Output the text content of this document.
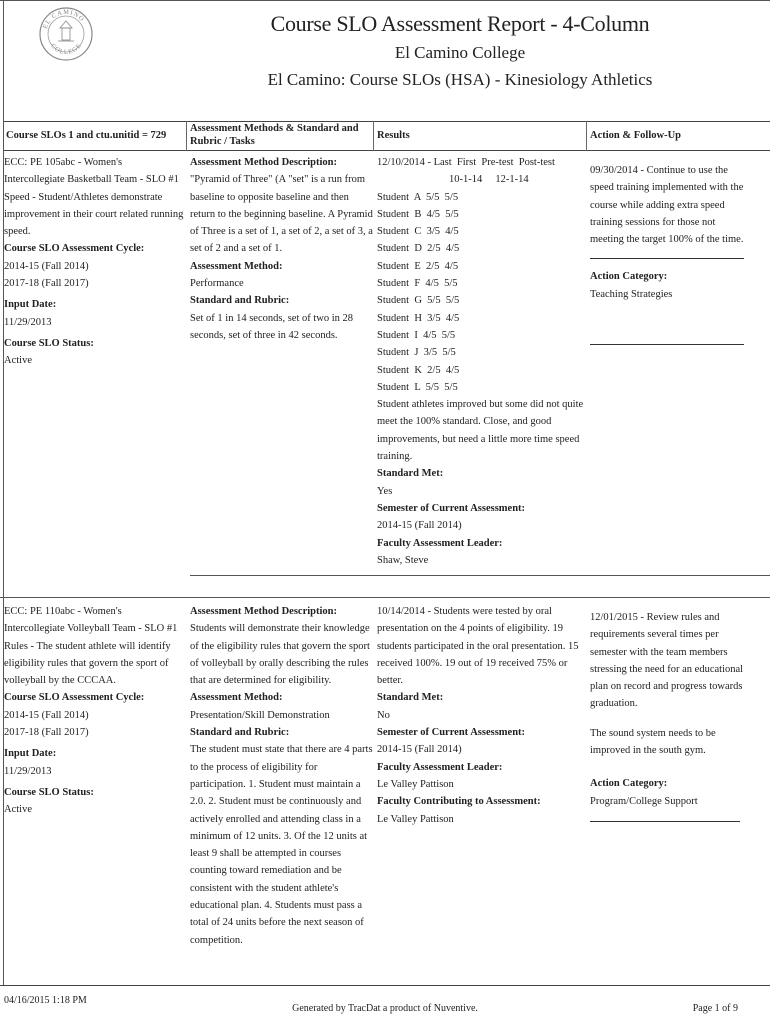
EL CAMINO
COLLEGE
Course SLO Assessment Report - 4-Column
El Camino College
El Camino: Course SLOs (HSA) - Kinesiology Athletics
Course SLOs 1 and ctu.unitid = 729
Assessment Methods & Standard and Rubric / Tasks
Results	Action & Follow-Up
ECC: PE 105abc - Women's Intercollegiate Basketball Team - SLO #1 Speed - Student/Athletes demonstrate improvement in their court related running speed.
Course SLO Assessment Cycle:
2014-15 (Fall 2014)
2017-18 (Fall 2017)
Input Date:
11/29/2013
Course SLO Status:
Active
Assessment Method Description:
"Pyramid of Three" (A "set" is a run from baseline to opposite baseline and then return to the beginning baseline. A Pyramid of Three is a set of 1, a set of 2, a set of 3, a set of 2 and a set of 1.
Assessment Method:
Performance
Standard and Rubric:
Set of 1 in 14 seconds, set of two in 28 seconds, set of three in 42 seconds.
12/10/2014 - Last  First  Pre-test  Post-test
10-1-14     12-1-14
Student  A  5/5  5/5
Student  B  4/5  5/5
Student  C  3/5  4/5
Student  D  2/5  4/5
Student  E  2/5  4/5
Student  F  4/5  5/5
Student  G  5/5  5/5
Student  H  3/5  4/5
Student  I  4/5  5/5
Student  J  3/5  5/5
Student  K  2/5  4/5
Student  L  5/5  5/5
Student athletes improved but some did not quite meet the 100% standard. Close, and good improvements, but need a little more time speed training.
Standard Met:
Yes
Semester of Current Assessment:
2014-15 (Fall 2014)
Faculty Assessment Leader:
Shaw, Steve
09/30/2014 - Continue to use the speed training implemented with the course while adding extra speed training sessions for those not meeting the target 100% of the time.
Action Category:
Teaching Strategies
ECC: PE 110abc - Women's Intercollegiate Volleyball Team - SLO #1 Rules - The student athlete will identify eligibility rules that govern the sport of volleyball by the CCCAA.
Course SLO Assessment Cycle:
2014-15 (Fall 2014)
2017-18 (Fall 2017)
Input Date:
11/29/2013
Course SLO Status:
Active
Assessment Method Description:
Students will demonstrate their knowledge of the eligibility rules that govern the sport of volleyball by orally describing the rules that are determined for eligibility.
Assessment Method:
Presentation/Skill Demonstration
Standard and Rubric:
The student must state that there are 4 parts to the process of eligibility for participation. 1. Student must maintain a 2.0. 2. Student must be continuously and actively enrolled and attending class in a minimum of 12 units. 3. Of the 12 units at least 9 shall be attempted in courses counting toward remediation and be consistent with the student athlete's educational plan. 4. Students must pass a total of 24 units before the next season of competition.
10/14/2014 - Students were tested by oral presentation on the 4 points of eligibility. 19 students participated in the oral presentation. 15 received 100%. 19 out of 19 received 75% or better.
Standard Met:
No
Semester of Current Assessment:
2014-15 (Fall 2014)
Faculty Assessment Leader:
Le Valley Pattison
Faculty Contributing to Assessment:
Le Valley Pattison
12/01/2015 - Review rules and requirements several times per semester with the team members stressing the need for an educational plan on record and progress towards graduation.
The sound system needs to be improved in the south gym.
Action Category:
Program/College Support
04/16/2015 1:18 PM
Generated by TracDat a product of Nuventive.	Page 1 of 9
